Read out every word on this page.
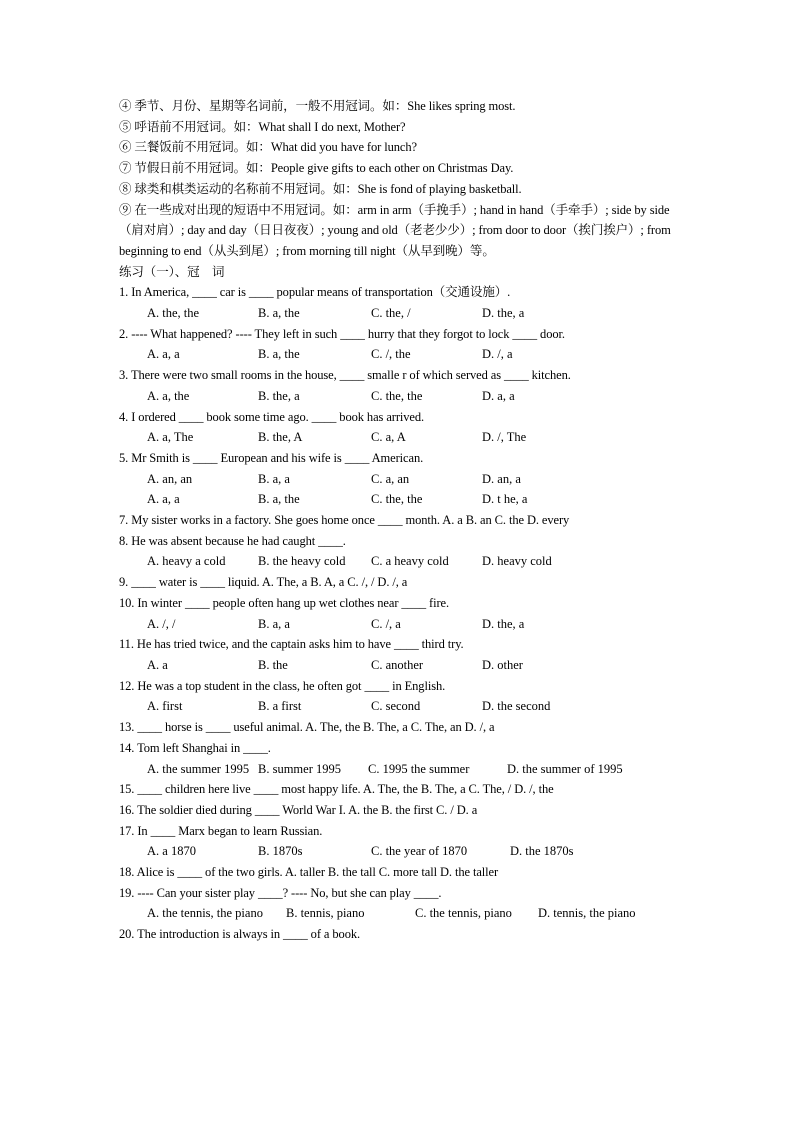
④ 季节、月份、星期等名词前，一般不用冠词。如：She likes spring most.
⑤ 呼语前不用冠词。如：What shall I do next, Mother?
⑥ 三餐饭前不用冠词。如：What did you have for lunch?
⑦ 节假日前不用冠词。如：People give gifts to each other on Christmas Day.
⑧ 球类和棋类运动的名称前不用冠词。如：She is fond of playing basketball.
⑨ 在一些成对出现的短语中不用冠词。如：arm in arm（手挽手）; hand in hand（手牵手）; side by side（肩对肩）; day and day（日日夜夜）; young and old（老老少少）; from door to door（挨门挨户）; from beginning to end（从头到尾）; from morning till night（从早到晚）等。
练习（一）、冠　词
1. In America, ____ car is ____ popular means of transportation（交通设施）.
A. the, the	B. a, the	C. the, /	D. the, a
2. ---- What happened? ---- They left in such ____ hurry that they forgot to lock ____ door.
A. a, a	B. a, the	C. /, the	D. /, a
3. There were two small rooms in the house, ____ smalle r of which served as ____ kitchen.
A. a, the	B. the, a	C. the, the	D. a, a
4. I ordered ____ book some time ago. ____ book has arrived.
A. a, The	B. the, A	C. a, A	D. /, The
5. Mr Smith is ____ European and his wife is ____ American.
A. an, an	B. a, a	C. a, an	D. an, a
A. a, a	B. a, the	C. the, the	D. t he, a
7. My sister works in a factory. She goes home once ____ month. A. a B. an C. the D. every
8. He was absent because he had caught ____.
A. heavy a cold	B. the heavy cold	C. a heavy cold	D. heavy cold
9. ____ water is ____ liquid. A. The, a B. A, a C. /, / D. /, a
10. In winter ____ people often hang up wet clothes near ____ fire.
A. /, /	B. a, a	C. /, a	D. the, a
11. He has tried twice, and the captain asks him to have ____ third try.
A. a	B. the	C. another	D. other
12. He was a top student in the class, he often got ____ in English.
A. first	B. a first	C. second	D. the second
13. ____ horse is ____ useful animal. A. The, the B. The, a C. The, an D. /, a
14. Tom left Shanghai in ____.
A. the summer 1995 B. summer 1995	C. 1995 the summer	D. the summer of 1995
15. ____ children here live ____ most happy life. A. The, the B. The, a C. The, / D. /, the
16. The soldier died during ____ World War I. A. the B. the first C. / D. a
17. In ____ Marx began to learn Russian.
A. a 1870	B. 1870s	C. the year of 1870	D. the 1870s
18. Alice is ____ of the two girls. A. taller B. the tall C. more tall D. the taller
19. ---- Can your sister play ____? ---- No, but she can play ____.
A. the tennis, the piano	B. tennis, piano	C. the tennis, piano	D. tennis, the piano
20. The introduction is always in ____ of a book.
